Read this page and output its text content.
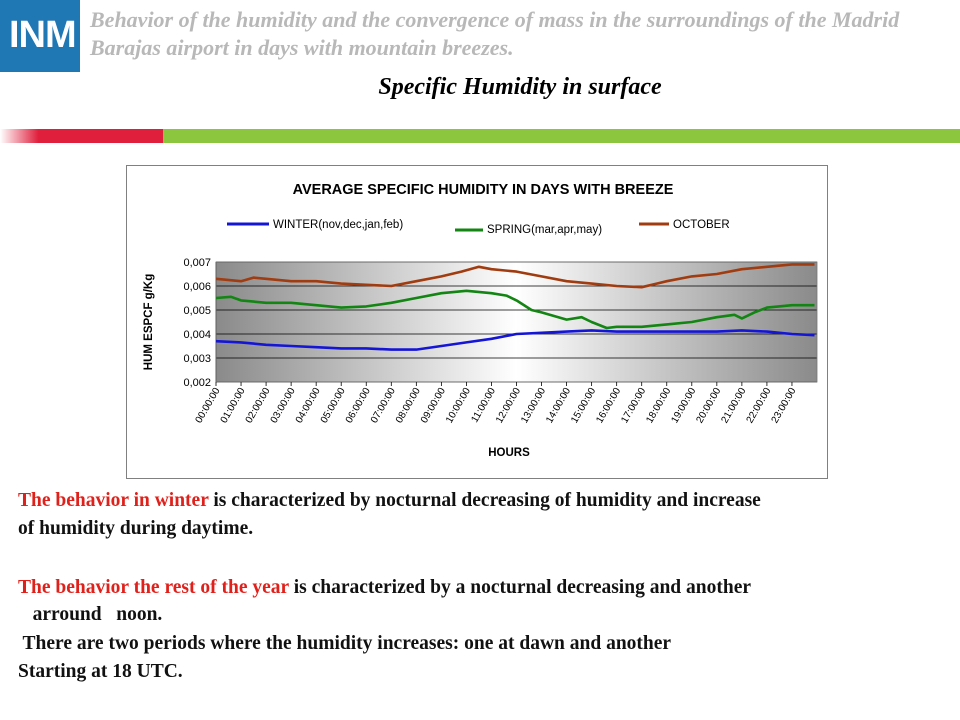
INM Behavior of the humidity and the convergence of mass in the surroundings of the Madrid Barajas airport in days with mountain breezes.
Specific Humidity in surface
AVERAGE SPECIFIC HUMIDITY IN DAYS WITH BREEZE
WINTER(nov,dec,jan,feb)	SPRING(mar,apr,may)	OCTOBER
0,002
0,003
0,004
0,005
0,006
0,007
00:00:00
01:00:00
02:00:00
03:00:00
04:00:00
05:00:00
06:00:00
07:00:00
08:00:00
09:00:00
10:00:00
11:00:00
12:00:00
13:00:00
14:00:00
15:00:00
16:00:00
17:00:00
18:00:00
19:00:00
20:00:00
21:00:00
22:00:00
23:00:00
HUM ESPCF g/Kg
HOURS
The behavior in winter is characterized by nocturnal decreasing of humidity and increase
of humidity during daytime.
The behavior the rest of the year is characterized by a nocturnal decreasing and another
arround   noon.
There are two periods where the humidity increases: one at dawn and another
Starting at 18 UTC.
